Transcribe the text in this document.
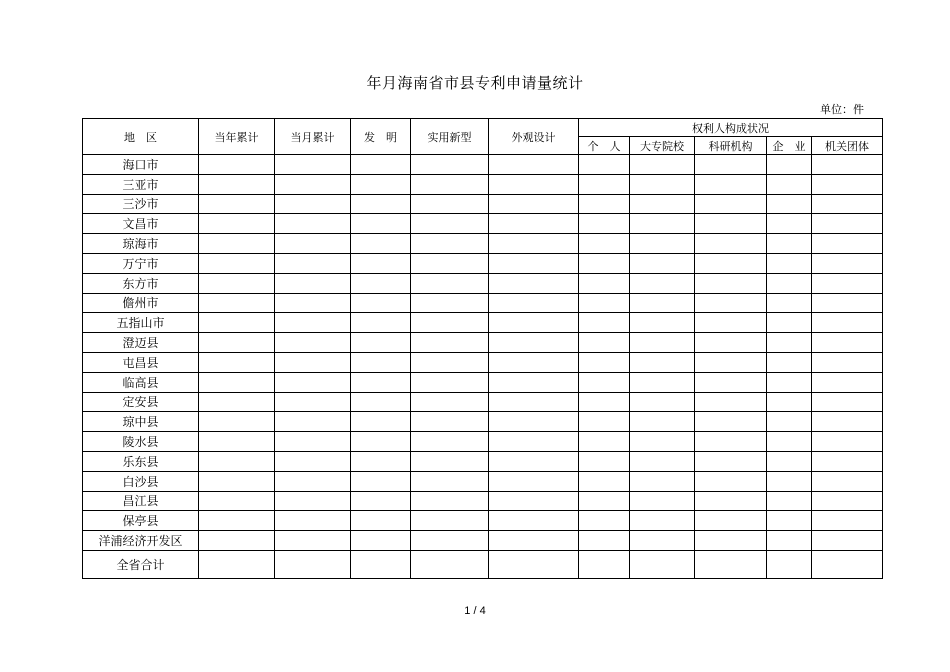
年月海南省市县专利申请量统计
单位：件
地　区	当年累计	当月累计	发　明	实用新型	外观设计	权利人构成状况				
						个　人	大专院校	科研机构	企　业	机关团体
海口市										
三亚市										
三沙市										
文昌市										
琼海市										
万宁市										
东方市										
儋州市										
五指山市										
澄迈县										
屯昌县										
临高县										
定安县										
琼中县										
陵水县										
乐东县										
白沙县										
昌江县										
保亭县										
洋浦经济开发区										
全省合计										
1 / 4
